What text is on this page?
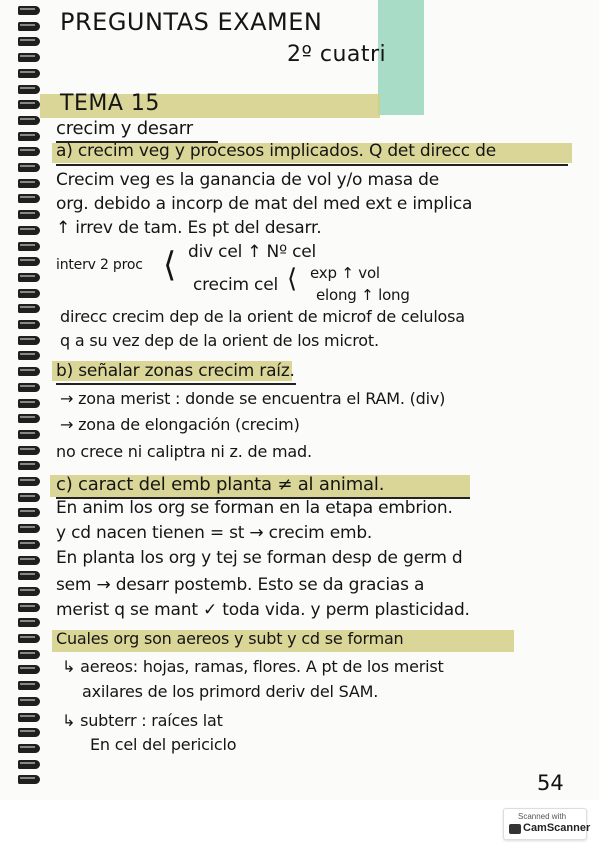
PREGUNTAS EXAMEN
2º cuatri
TEMA 15
crecim y desarr
a) crecim veg y procesos implicados. Q det direcc de
Crecim veg es la ganancia de vol y/o masa de
org. debido a incorp de mat del med ext e implica
↑ irrev de tam. Es pt del desarr.
interv 2 proc ⟨ div cel ↑ Nº cel
crecim cel ⟨ exp ↑ vol
elong ↑ long
direcc crecim dep de la orient de microf de celulosa
q a su vez dep de la orient de los microt.
b) señalar zonas crecim raíz.
→ zona merist : donde se encuentra el RAM. (div)
→ zona de elongación (crecim)
no crece ni caliptra ni z. de mad.
c) caract del emb planta ≠ al animal.
En anim los org se forman en la etapa embrion.
y cd nacen tienen = st → crecim emb.
En planta los org y tej se forman desp de germ d
sem → desarr postemb. Esto se da gracias a
merist q se mant ✓ toda vida. y perm plasticidad.
Cuales org son aereos y subt y cd se forman
↳ aereos: hojas, ramas, flores. A pt de los merist
axilares de los primord deriv del SAM.
↳ subterr : raíces lat
En cel del periciclo
54
Scanned with
CamScanner
